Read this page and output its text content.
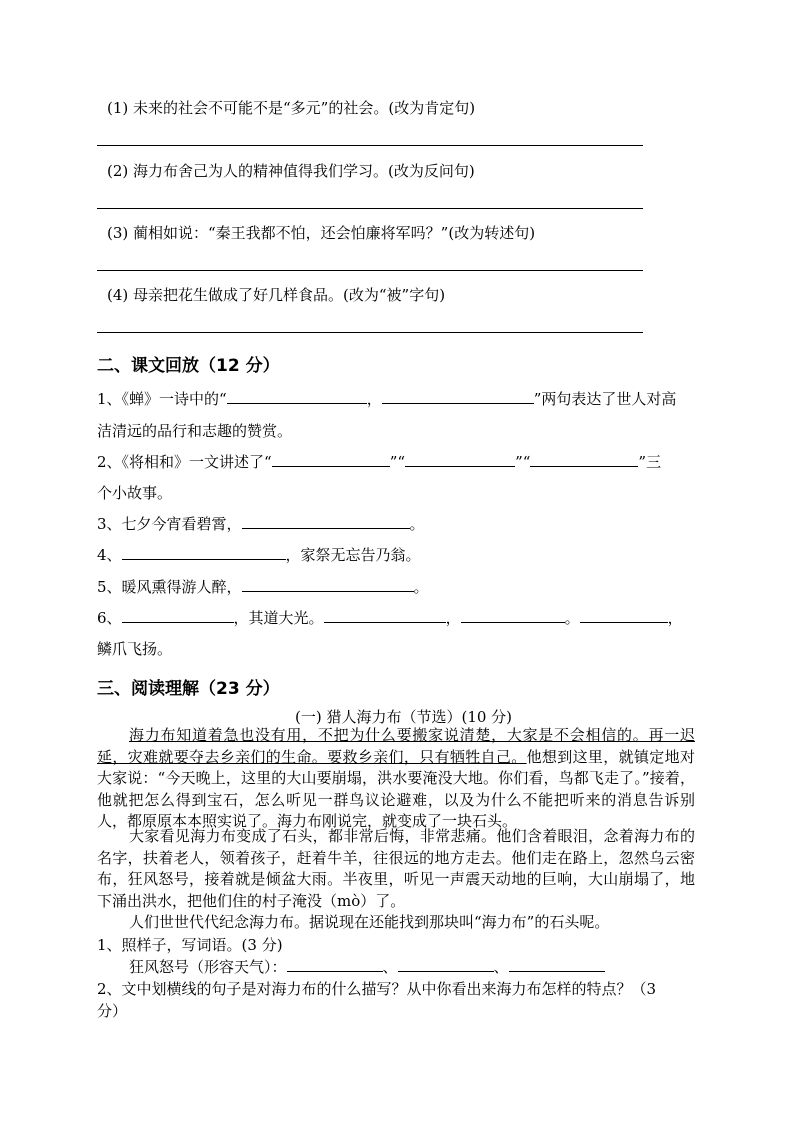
(1) 未来的社会不可能不是“多元”的社会。(改为肯定句)
(2) 海力布舍己为人的精神值得我们学习。(改为反问句)
(3) 蔺相如说：“秦王我都不怕，还会怕廉将军吗？”(改为转述句)
(4) 母亲把花生做成了好几样食品。(改为“被”字句)
二、课文回放（12 分）
1、《蝉》一诗中的“	，	”两句表达了世人对高
洁清远的品行和志趣的赞赏。
2、《将相和》一文讲述了“	”“	”“	”三
个小故事。
3、七夕今宵看碧霄，	。
4、	，家祭无忘告乃翁。
5、暖风熏得游人醉，	。
6、	，其道大光。	，	。	，
鳞爪飞扬。
三、阅读理解（23 分）
(一) 猎人海力布（节选）(10 分)
海力布知道着急也没有用，不把为什么要搬家说清楚，大家是不会相信的。再一迟延，灾难就要夺去乡亲们的生命。要救乡亲们，只有牺牲自己。他想到这里，就镇定地对大家说：“今天晚上，这里的大山要崩塌，洪水要淹没大地。你们看，鸟都飞走了。”接着，他就把怎么得到宝石，怎么听见一群鸟议论避难，以及为什么不能把听来的消息告诉别人，都原原本本照实说了。海力布刚说完，就变成了一块石头。
大家看见海力布变成了石头，都非常后悔，非常悲痛。他们含着眼泪，念着海力布的名字，扶着老人，领着孩子，赶着牛羊，往很远的地方走去。他们走在路上，忽然乌云密布，狂风怒号，接着就是倾盆大雨。半夜里，听见一声震天动地的巨响，大山崩塌了，地下涌出洪水，把他们住的村子淹没（mò）了。
人们世世代代纪念海力布。据说现在还能找到那块叫“海力布”的石头呢。
1、照样子，写词语。(3 分)
狂风怒号（形容天气）：	、	、
2、文中划横线的句子是对海力布的什么描写？从中你看出来海力布怎样的特点？（3
分）
